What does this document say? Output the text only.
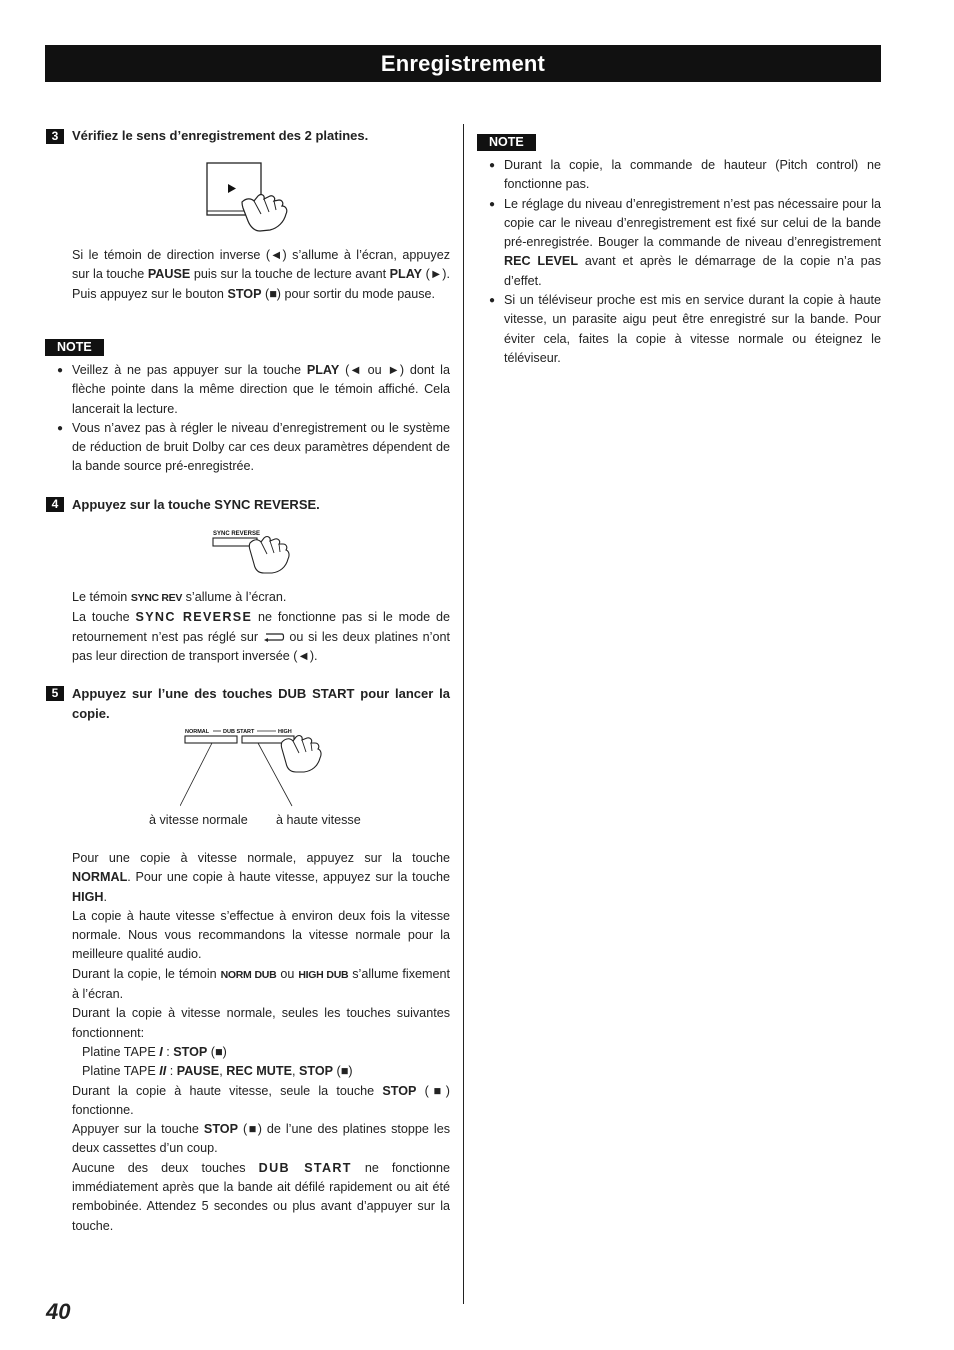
Enregistrement
3	Vérifiez le sens d’enregistrement des 2 platines.

Si le témoin de direction inverse (◄) s’allume à l’écran, appuyez sur la touche PAUSE puis sur la touche de lecture avant PLAY (►). Puis appuyez sur le bouton STOP (■) pour sortir du mode pause.

NOTE
● Veillez à ne pas appuyer sur la touche PLAY (◄ ou ►) dont la flèche pointe dans la même direction que le témoin affiché. Cela lancerait la lecture.
● Vous n’avez pas à régler le niveau d’enregistrement ou le système de réduction de bruit Dolby car ces deux paramètres dépendent de la bande source pré-enregistrée.
4	Appuyez sur la touche SYNC REVERSE.
SYNC REVERSE

Le témoin SYNC REV s’allume à l’écran.

La touche SYNC REVERSE ne fonctionne pas si le mode de retournement n’est pas réglé sur  ou si les deux platines n’ont pas leur direction de transport inversée (◄).

5	Appuyez sur l’une des touches DUB START pour lancer la copie.
NORMAL	DUB START	HIGH
à vitesse normale à haute vitesse

Pour une copie à vitesse normale, appuyez sur la touche NORMAL. Pour une copie à haute vitesse, appuyez sur la touche HIGH.

La copie à haute vitesse s’effectue à environ deux fois la vitesse normale. Nous vous recommandons la vitesse normale pour la meilleure qualité audio.

Durant la copie, le témoin NORM DUB ou HIGH DUB s’allume fixement à l’écran.

Durant la copie à vitesse normale, seules les touches suivantes fonctionnent:

Platine TAPE I : STOP (■)

Platine TAPE II : PAUSE, REC MUTE, STOP (■)

Durant la copie à haute vitesse, seule la touche STOP (■) fonctionne.

Appuyer sur la touche STOP (■) de l’une des platines stoppe les deux cassettes d’un coup.

Aucune des deux touches DUB START ne fonctionne immédiatement après que la bande ait défilé rapidement ou ait été rembobinée. Attendez 5 secondes ou plus avant d’appuyer sur la touche.

NOTE
● Durant la copie, la commande de hauteur (Pitch control) ne fonctionne pas.
● Le réglage du niveau d’enregistrement n’est pas nécessaire pour la copie car le niveau d’enregistrement est fixé sur celui de la bande pré-enregistrée. Bouger la commande de niveau d’enregistrement REC LEVEL avant et après le démarrage de la copie n’a pas d’effet.
● Si un téléviseur proche est mis en service durant la copie à haute vitesse, un parasite aigu peut être enregistré sur la bande. Pour éviter cela, faites la copie à vitesse normale ou éteignez le téléviseur.
40
